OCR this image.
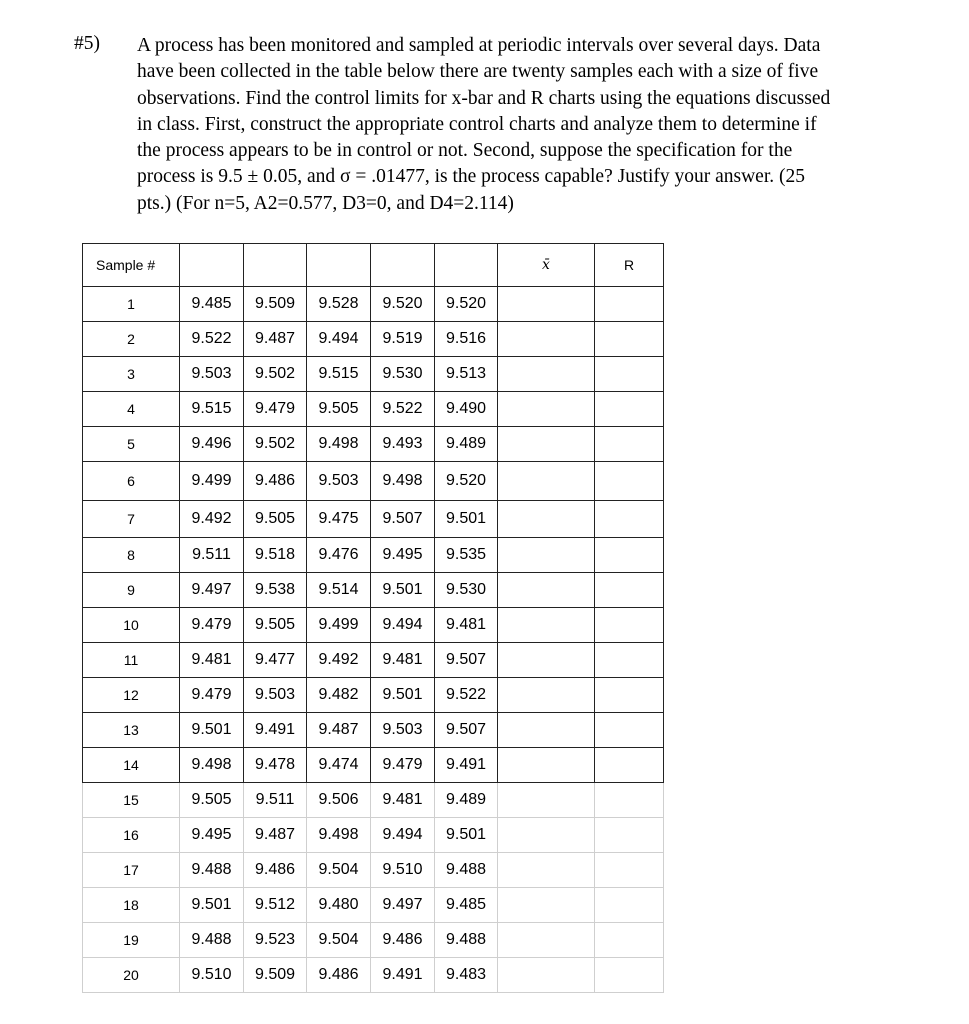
#5) A process has been monitored and sampled at periodic intervals over several days. Data
have been collected in the table below there are twenty samples each with a size of five
observations. Find the control limits for x-bar and R charts using the equations discussed
in class. First, construct the appropriate control charts and analyze them to determine if
the process appears to be in control or not. Second, suppose the specification for the
process is 9.5 ± 0.05, and σ = .01477, is the process capable? Justify your answer. (25
pts.) (For n=5, A2=0.577, D3=0, and D4=2.114)

Sample #						x̄	R
1	9.485	9.509	9.528	9.520	9.520		
2	9.522	9.487	9.494	9.519	9.516		
3	9.503	9.502	9.515	9.530	9.513		
4	9.515	9.479	9.505	9.522	9.490		
5	9.496	9.502	9.498	9.493	9.489		
6	9.499	9.486	9.503	9.498	9.520		
7	9.492	9.505	9.475	9.507	9.501		
8	9.511	9.518	9.476	9.495	9.535		
9	9.497	9.538	9.514	9.501	9.530		
10	9.479	9.505	9.499	9.494	9.481		
11	9.481	9.477	9.492	9.481	9.507		
12	9.479	9.503	9.482	9.501	9.522		
13	9.501	9.491	9.487	9.503	9.507		
14	9.498	9.478	9.474	9.479	9.491		
15	9.505	9.511	9.506	9.481	9.489		
16	9.495	9.487	9.498	9.494	9.501		
17	9.488	9.486	9.504	9.510	9.488		
18	9.501	9.512	9.480	9.497	9.485		
19	9.488	9.523	9.504	9.486	9.488		
20	9.510	9.509	9.486	9.491	9.483		
